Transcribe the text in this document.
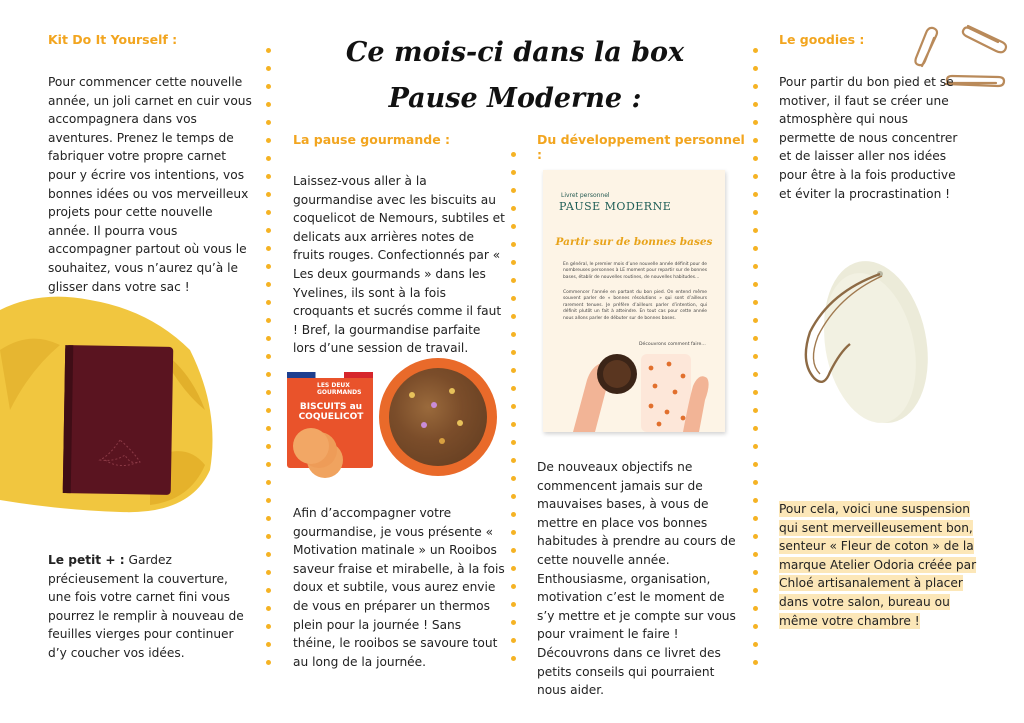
Ce mois-ci dans la box
Pause Moderne :
Kit Do It Yourself :

Pour commencer cette nouvelle année, un joli carnet en cuir vous accompagnera dans vos aventures. Prenez le temps de fabriquer votre propre carnet pour y écrire vos intentions, vos bonnes idées ou vos merveilleux projets pour cette nouvelle année. Il pourra vous accompagner partout où vous le souhaitez, vous n’aurez qu’à le glisser dans votre sac !

Le petit + : Gardez précieusement la couverture, une fois votre carnet fini vous pourrez le remplir à nouveau de feuilles vierges pour continuer d’y coucher vos idées.

La pause gourmande :

Laissez-vous aller à la gourmandise avec les biscuits au coquelicot de Nemours, subtiles et delicats aux arrières notes de fruits rouges. Confectionnés par « Les deux gourmands » dans les Yvelines, ils sont à la fois croquants et sucrés comme il faut ! Bref, la gourmandise parfaite lors d’une session de travail.

LES DEUX GOURMANDS
BISCUITS au COQUELICOT

Afin d’accompagner votre gourmandise, je vous présente « Motivation matinale » un Rooibos saveur fraise et mirabelle, à la fois doux et subtile, vous aurez envie de vous en préparer un thermos plein pour la journée ! Sans théine, le rooibos se savoure tout au long de la journée.

Du développement personnel :
Livret personnel
PAUSE MODERNE
Partir sur de bonnes bases
En général, le premier mois d’une nouvelle année définit pour de nombreuses personnes à LE moment pour repartir sur de bonnes bases, établir de nouvelles routines, de nouvelles habitudes…
Commencer l’année en partant du bon pied. On entend même souvent parler de « bonnes résolutions » qui sont d’ailleurs rarement tenues. Je préfère d’ailleurs parler d’intention, qui définit plutôt un fait à atteindre. En tout cas pour cette année nous allons parler de débuter sur de bonnes bases.
Découvrons comment faire…

De nouveaux objectifs ne commencent jamais sur de mauvaises bases, à vous de mettre en place vos bonnes habitudes à prendre au cours de cette nouvelle année. Enthousiasme, organisation, motivation c’est le moment de s’y mettre et je compte sur vous pour vraiment le faire ! Découvrons dans ce livret des petits conseils qui pourraient nous aider.

Le goodies :

Pour partir du bon pied et se motiver, il faut se créer une atmosphère qui nous permette de nous concentrer et de laisser aller nos idées pour être à la fois productive et éviter la procrastination !

Pour cela, voici une suspension qui sent merveilleusement bon, senteur « Fleur de coton » de la marque Atelier Odoria créée par Chloé artisanalement à placer dans votre salon, bureau ou même votre chambre !
